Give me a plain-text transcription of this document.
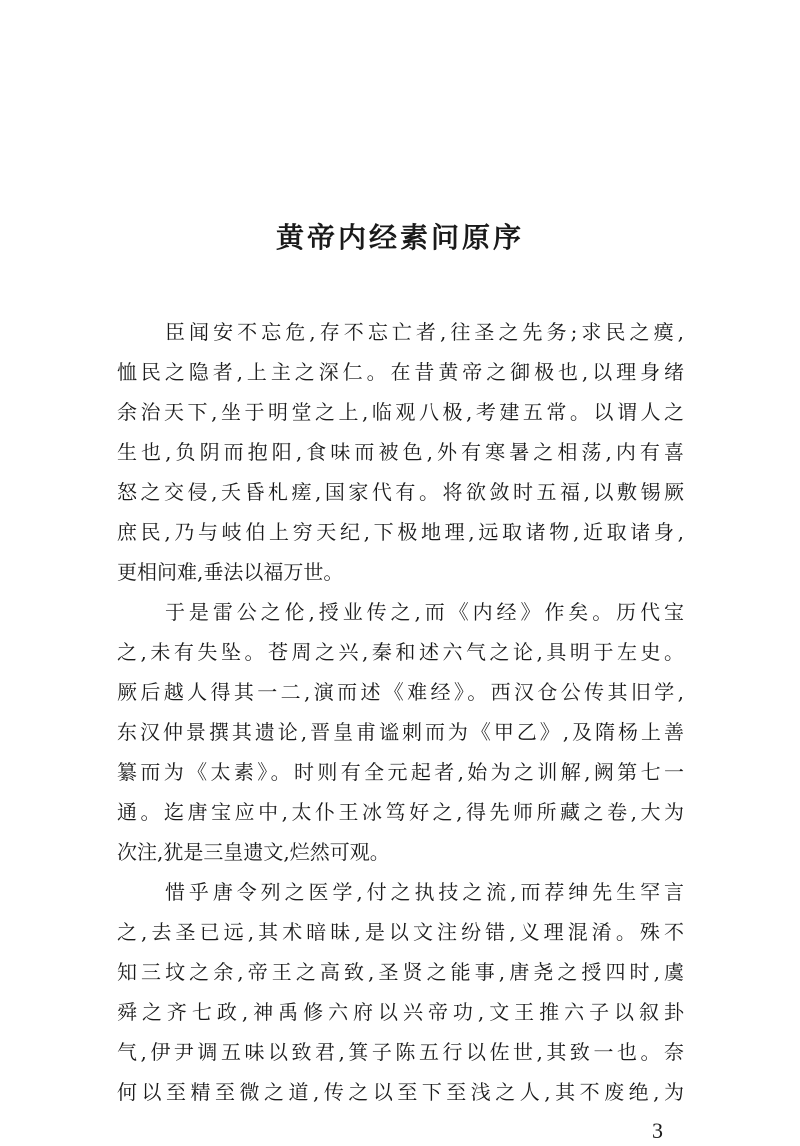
黄帝内经素问原序
臣闻安不忘危,存不忘亡者,往圣之先务;求民之瘼,
恤民之隐者,上主之深仁。在昔黄帝之御极也,以理身绪
余治天下,坐于明堂之上,临观八极,考建五常。以谓人之
生也,负阴而抱阳,食味而被色,外有寒暑之相荡,内有喜
怒之交侵,夭昏札瘥,国家代有。将欲敛时五福,以敷锡厥
庶民,乃与岐伯上穷天纪,下极地理,远取诸物,近取诸身,
更相问难,垂法以福万世。
于是雷公之伦,授业传之,而《内经》作矣。历代宝
之,未有失坠。苍周之兴,秦和述六气之论,具明于左史。
厥后越人得其一二,演而述《难经》。西汉仓公传其旧学,
东汉仲景撰其遗论,晋皇甫谧刺而为《甲乙》,及隋杨上善
纂而为《太素》。时则有全元起者,始为之训解,阙第七一
通。迄唐宝应中,太仆王冰笃好之,得先师所藏之卷,大为
次注,犹是三皇遗文,烂然可观。
惜乎唐令列之医学,付之执技之流,而荐绅先生罕言
之,去圣已远,其术暗昧,是以文注纷错,义理混淆。殊不
知三坟之余,帝王之高致,圣贤之能事,唐尧之授四时,虞
舜之齐七政,神禹修六府以兴帝功,文王推六子以叙卦
气,伊尹调五味以致君,箕子陈五行以佐世,其致一也。奈
何以至精至微之道,传之以至下至浅之人,其不废绝,为
3
